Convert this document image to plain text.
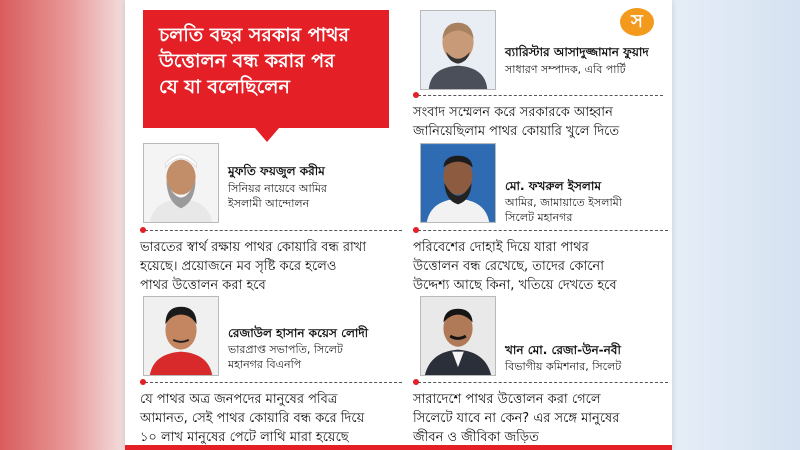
চলতি বছর সরকার পাথর
উত্তোলন বন্ধ করার পর
যে যা বলেছিলেন
স
ব্যারিস্টার আসাদুজ্জামান ফুয়াদ
সাধারণ সম্পাদক, এবি পার্টি
সংবাদ সম্মেলন করে সরকারকে আহ্বান
জানিয়েছিলাম পাথর কোয়ারি খুলে দিতে
মুফতি ফয়জুল করীম
সিনিয়র নায়েবে আমির
ইসলামী আন্দোলন
ভারতের স্বার্থ রক্ষায় পাথর কোয়ারি বন্ধ রাখা
হয়েছে। প্রয়োজনে মব সৃষ্টি করে হলেও
পাথর উত্তোলন করা হবে
মো. ফখরুল ইসলাম
আমির, জামায়াতে ইসলামী
সিলেট মহানগর
পরিবেশের দোহাই দিয়ে যারা পাথর
উত্তোলন বন্ধ রেখেছে, তাদের কোনো
উদ্দেশ্য আছে কিনা, খতিয়ে দেখতে হবে
রেজাউল হাসান কয়েস লোদী
ভারপ্রাপ্ত সভাপতি, সিলেট
মহানগর বিএনপি
যে পাথর অত্র জনপদের মানুষের পবিত্র
আমানত, সেই পাথর কোয়ারি বন্ধ করে দিয়ে
১০ লাখ মানুষের পেটে লাথি মারা হয়েছে
খান মো. রেজা-উন-নবী
বিভাগীয় কমিশনার, সিলেট
সারাদেশে পাথর উত্তোলন করা গেলে
সিলেটে যাবে না কেন? এর সঙ্গে মানুষের
জীবন ও জীবিকা জড়িত
